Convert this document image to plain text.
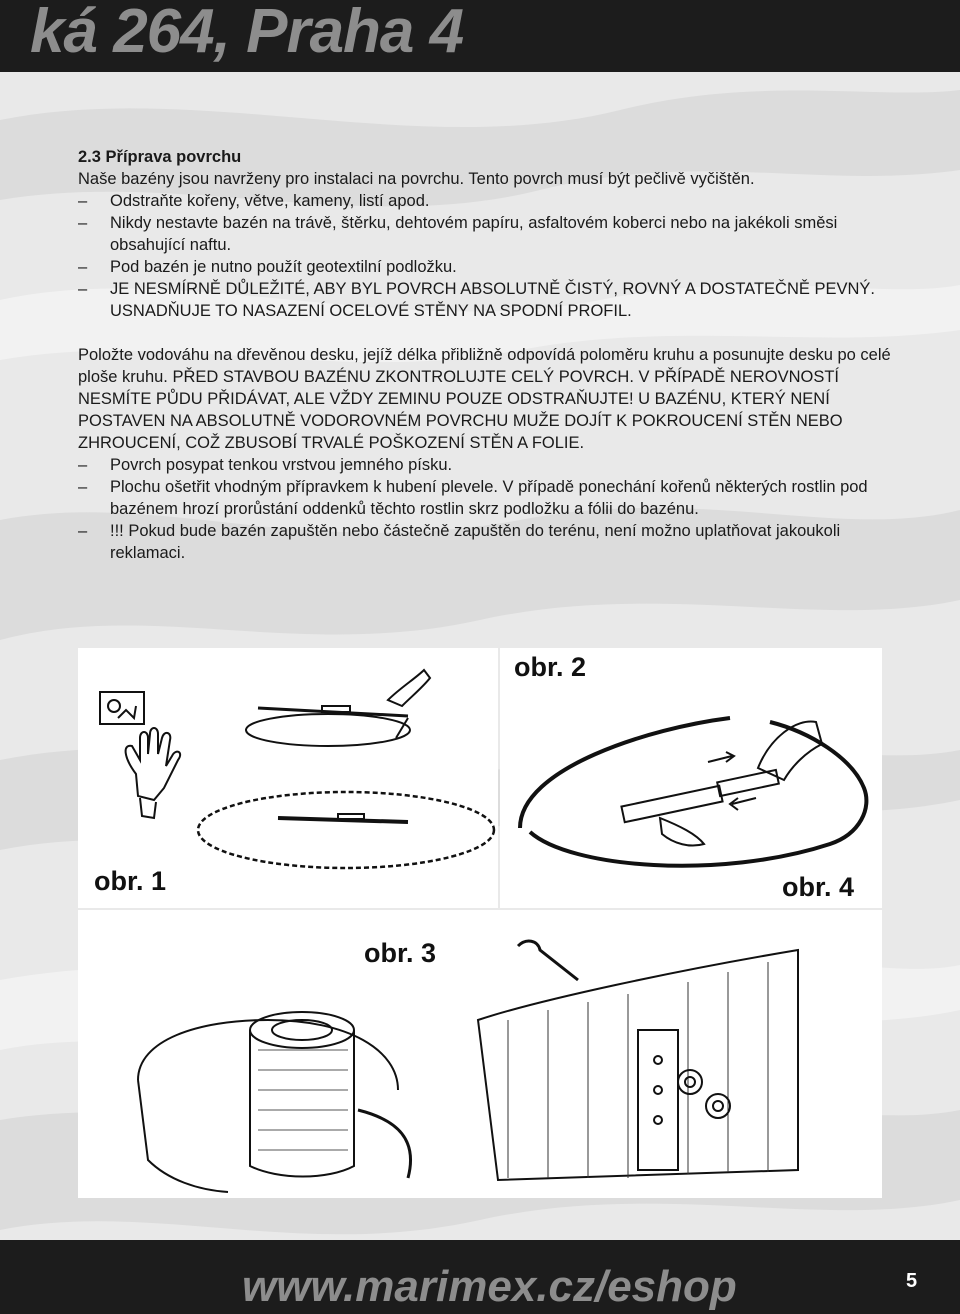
ká 264, Praha 4

2.3 Příprava povrchu

Naše bazény jsou navrženy pro instalaci na povrchu. Tento povrch musí být pečlivě vyčištěn.

– Odstraňte kořeny, větve, kameny, listí apod.
– Nikdy nestavte bazén na trávě, štěrku, dehtovém papíru, asfaltovém koberci nebo na jakékoli směsi obsahující naftu.
– Pod bazén je nutno použít geotextilní podložku.
– JE NESMÍRNĚ DŮLEŽITÉ, ABY BYL POVRCH ABSOLUTNĚ ČISTÝ, ROVNÝ A DOSTATEČNĚ PEVNÝ. USNADŇUJE TO NASAZENÍ OCELOVÉ STĚNY NA SPODNÍ PROFIL.

Položte vodováhu na dřevěnou desku, jejíž délka přibližně odpovídá poloměru kruhu a posunujte desku po celé ploše kruhu. PŘED STAVBOU BAZÉNU ZKONTROLUJTE CELÝ POVRCH. V PŘÍPADĚ NEROVNOSTÍ NESMÍTE PŮDU PŘIDÁVAT, ALE VŽDY ZEMINU POUZE ODSTRAŇUJTE! U BAZÉNU, KTERÝ NENÍ POSTAVEN NA ABSOLUTNĚ VODOROVNÉM POVRCHU MUŽE DOJÍT K POKROUCENÍ STĚN NEBO ZHROUCENÍ, COŽ ZBUSOBÍ TRVALÉ POŠKOZENÍ STĚN A FOLIE.

– Povrch posypat tenkou vrstvou jemného písku.
– Plochu ošetřit vhodným přípravkem k hubení plevele. V případě ponechání kořenů některých rostlin pod bazénem hrozí prorůstání oddenků těchto rostlin skrz podložku a fólii do bazénu.
– !!! Pokud bude bazén zapuštěn nebo částečně zapuštěn do terénu, není možno uplatňovat jakoukoli reklamaci.
obr. 1
obr. 2
obr. 4
obr. 3
www.marimex.cz/eshop	5
